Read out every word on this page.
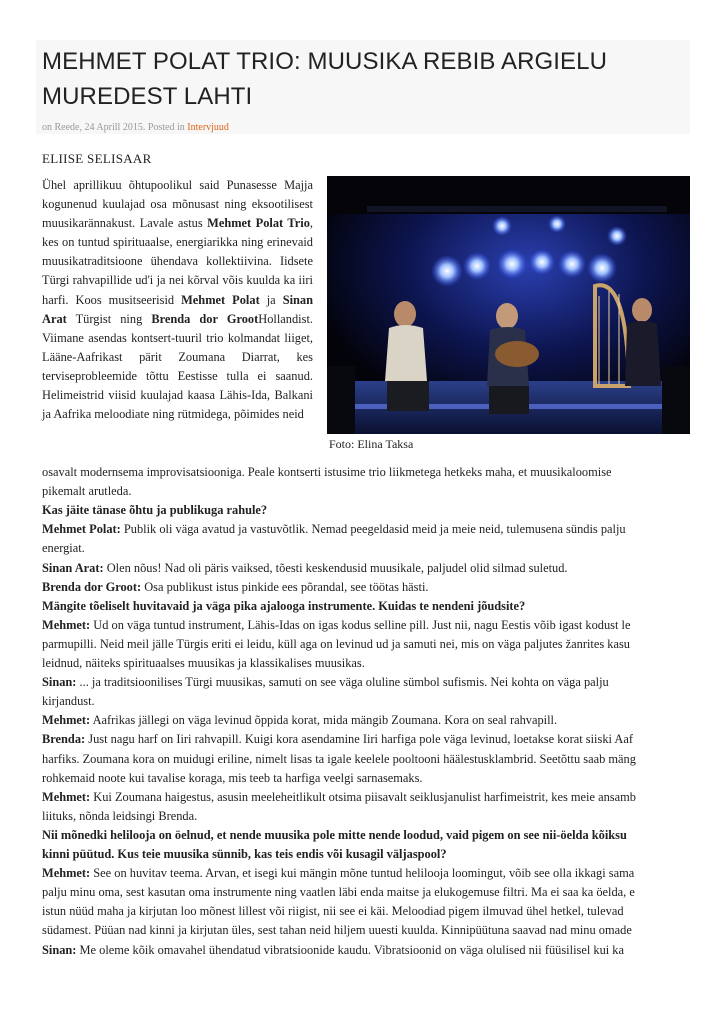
MEHMET POLAT TRIO: MUUSIKA REBIB ARGIELU MUREDEST LAHTI
on Reede, 24 Aprill 2015. Posted in Intervjuud
ELIISE SELISAAR
Foto: Elina Taksa

Ühel aprillikuu õhtupoolikul said Punasesse Majja kogunenud kuulajad osa mõnusast ning eksootilisest muusikarännakust. Lavale astus Mehmet Polat Trio, kes on tuntud spirituaalse, energiarikka ning erinevaid muusikatraditsioone ühendava kollektiivina. Iidsete Türgi rahvapillide ud'i ja nei kõrval võis kuulda ka iiri harfi. Koos musitseerisid Mehmet Polat ja Sinan Arat Türgist ning Brenda dor GrootHollandist. Viimane asendas kontsert-tuuril trio kolmandat liiget, Lääne-Aafrikast pärit Zoumana Diarrat, kes terviseprobleemide tõttu Eestisse tulla ei saanud. Helimeistrid viisid kuulajad kaasa Lähis-Ida, Balkani ja Aafrika meloodiate ning rütmidega, põimides neid

osavalt modernsema improvisatsiooniga. Peale kontserti istusime trio liikmetega hetkeks maha, et muusikaloomise

pikemalt arutleda.

Kas jäite tänase õhtu ja publikuga rahule?

Mehmet Polat: Publik oli väga avatud ja vastuvõtlik. Nemad peegeldasid meid ja meie neid, tulemusena sündis palju

energiat.

Sinan Arat: Olen nõus! Nad oli päris vaiksed, tõesti keskendusid muusikale, paljudel olid silmad suletud.

Brenda dor Groot: Osa publikust istus pinkide ees põrandal, see töötas hästi.

Mängite tõeliselt huvitavaid ja väga pika ajalooga instrumente. Kuidas te nendeni jõudsite?

Mehmet: Ud on väga tuntud instrument, Lähis-Idas on igas kodus selline pill. Just nii, nagu Eestis võib igast kodust le

parmupilli. Neid meil jälle Türgis eriti ei leidu, küll aga on levinud ud ja samuti nei, mis on väga paljutes žanrites kasu

leidnud, näiteks spirituaalses muusikas ja klassikalises muusikas.

Sinan: ... ja traditsioonilises Türgi muusikas, samuti on see väga oluline sümbol sufismis. Nei kohta on väga palju

kirjandust.

Mehmet: Aafrikas jällegi on väga levinud õppida korat, mida mängib Zoumana. Kora on seal rahvapill.

Brenda: Just nagu harf on Iiri rahvapill. Kuigi kora asendamine Iiri harfiga pole väga levinud, loetakse korat siiski Aaf

harfiks. Zoumana kora on muidugi eriline, nimelt lisas ta igale keelele pooltooni häälestusklambrid. Seetõttu saab mäng

rohkemaid noote kui tavalise koraga, mis teeb ta harfiga veelgi sarnasemaks.

Mehmet: Kui Zoumana haigestus, asusin meeleheitlikult otsima piisavalt seiklusjanulist harfimeistrit, kes meie ansamb

liituks, nõnda leidsingi Brenda.

Nii mõnedki helilooja on öelnud, et nende muusika pole mitte nende loodud, vaid pigem on see nii-öelda kõiksu

kinni püütud. Kus teie muusika sünnib, kas teis endis või kusagil väljaspool?

Mehmet: See on huvitav teema. Arvan, et isegi kui mängin mõne tuntud helilooja loomingut, võib see olla ikkagi sama

palju minu oma, sest kasutan oma instrumente ning vaatlen läbi enda maitse ja elukogemuse filtri. Ma ei saa ka öelda, e

istun nüüd maha ja kirjutan loo mõnest lillest või riigist, nii see ei käi. Meloodiad pigem ilmuvad ühel hetkel, tulevad

südamest. Püüan nad kinni ja kirjutan üles, sest tahan neid hiljem uuesti kuulda. Kinnipüütuna saavad nad minu omade

Sinan: Me oleme kõik omavahel ühendatud vibratsioonide kaudu. Vibratsioonid on väga olulised nii füüsilisel kui ka
